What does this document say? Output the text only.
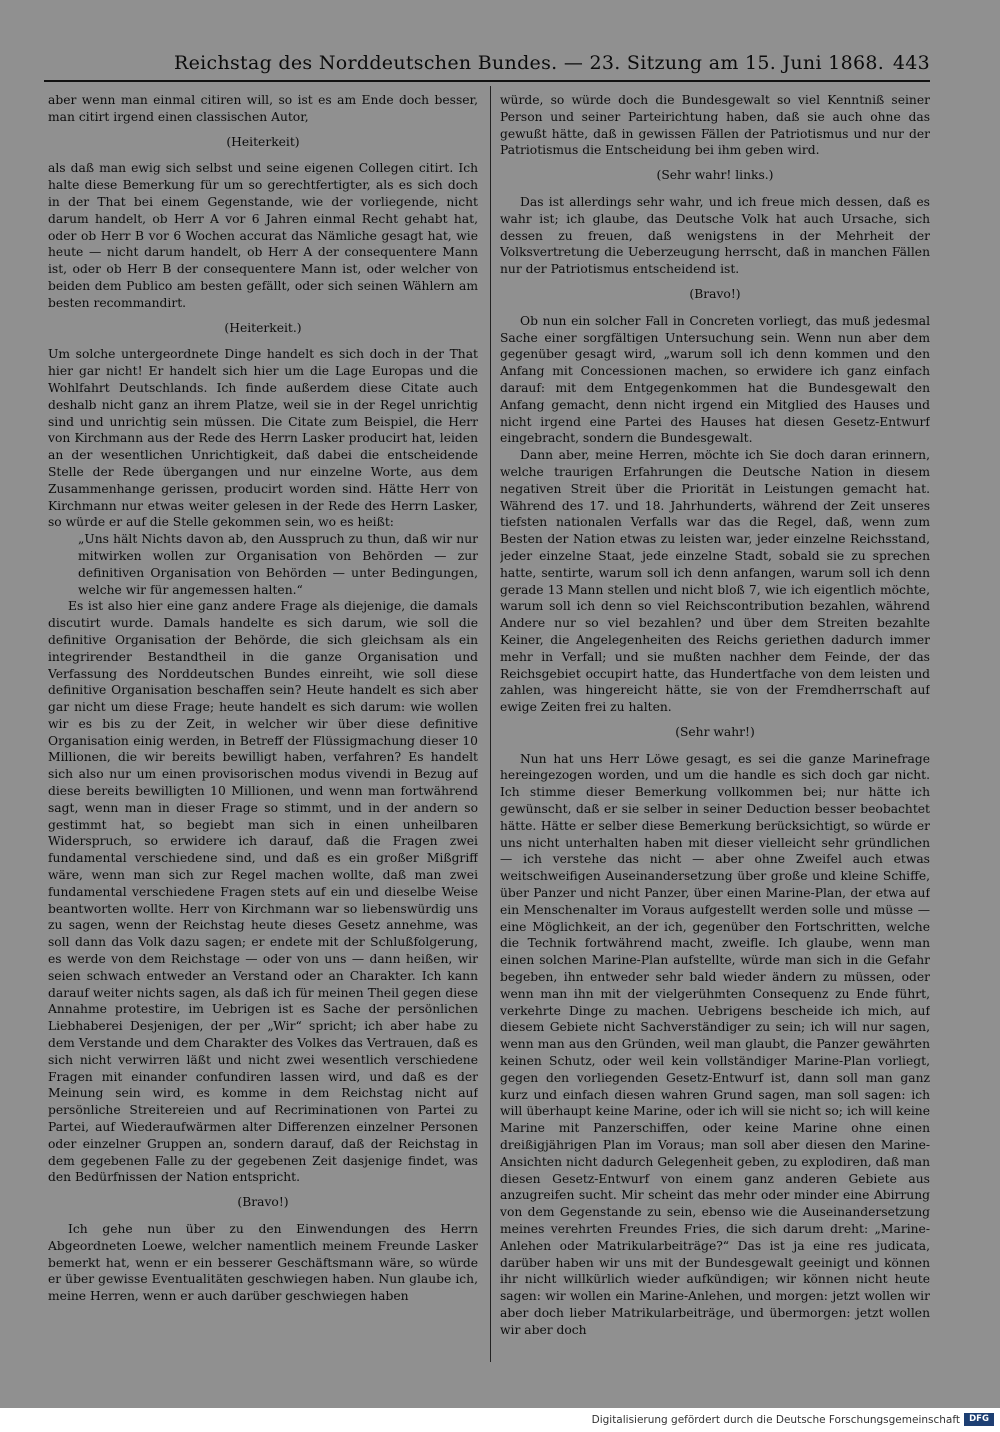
Reichstag des Norddeutschen Bundes. — 23. Sitzung am 15. Juni 1868. 443

aber wenn man einmal citiren will, so ist es am Ende doch besser, man citirt irgend einen classischen Autor,

(Heiterkeit)

als daß man ewig sich selbst und seine eigenen Collegen citirt. Ich halte diese Bemerkung für um so gerechtfertigter, als es sich doch in der That bei einem Gegenstande, wie der vorliegende, nicht darum handelt, ob Herr A vor 6 Jahren einmal Recht gehabt hat, oder ob Herr B vor 6 Wochen accurat das Nämliche gesagt hat, wie heute — nicht darum handelt, ob Herr A der consequentere Mann ist, oder ob Herr B der consequentere Mann ist, oder welcher von beiden dem Publico am besten gefällt, oder sich seinen Wählern am besten recommandirt.

(Heiterkeit.)

Um solche untergeordnete Dinge handelt es sich doch in der That hier gar nicht! Er handelt sich hier um die Lage Europas und die Wohlfahrt Deutschlands. Ich finde außerdem diese Citate auch deshalb nicht ganz an ihrem Platze, weil sie in der Regel unrichtig sind und unrichtig sein müssen. Die Citate zum Beispiel, die Herr von Kirchmann aus der Rede des Herrn Lasker producirt hat, leiden an der wesentlichen Unrichtigkeit, daß dabei die entscheidende Stelle der Rede übergangen und nur einzelne Worte, aus dem Zusammenhange gerissen, producirt worden sind. Hätte Herr von Kirchmann nur etwas weiter gelesen in der Rede des Herrn Lasker, so würde er auf die Stelle gekommen sein, wo es heißt:

„Uns hält Nichts davon ab, den Ausspruch zu thun, daß wir nur mitwirken wollen zur Organisation von Behörden — zur definitiven Organisation von Behörden — unter Bedingungen, welche wir für angemessen halten.“

Es ist also hier eine ganz andere Frage als diejenige, die damals discutirt wurde. Damals handelte es sich darum, wie soll die definitive Organisation der Behörde, die sich gleichsam als ein integrirender Bestandtheil in die ganze Organisation und Verfassung des Norddeutschen Bundes einreiht, wie soll diese definitive Organisation beschaffen sein? Heute handelt es sich aber gar nicht um diese Frage; heute handelt es sich darum: wie wollen wir es bis zu der Zeit, in welcher wir über diese definitive Organisation einig werden, in Betreff der Flüssigmachung dieser 10 Millionen, die wir bereits bewilligt haben, verfahren? Es handelt sich also nur um einen provisorischen modus vivendi in Bezug auf diese bereits bewilligten 10 Millionen, und wenn man fortwährend sagt, wenn man in dieser Frage so stimmt, und in der andern so gestimmt hat, so begiebt man sich in einen unheilbaren Widerspruch, so erwidere ich darauf, daß die Fragen zwei fundamental verschiedene sind, und daß es ein großer Mißgriff wäre, wenn man sich zur Regel machen wollte, daß man zwei fundamental verschiedene Fragen stets auf ein und dieselbe Weise beantworten wollte. Herr von Kirchmann war so liebenswürdig uns zu sagen, wenn der Reichstag heute dieses Gesetz annehme, was soll dann das Volk dazu sagen; er endete mit der Schlußfolgerung, es werde von dem Reichstage — oder von uns — dann heißen, wir seien schwach entweder an Verstand oder an Charakter. Ich kann darauf weiter nichts sagen, als daß ich für meinen Theil gegen diese Annahme protestire, im Uebrigen ist es Sache der persönlichen Liebhaberei Desjenigen, der per „Wir“ spricht; ich aber habe zu dem Verstande und dem Charakter des Volkes das Vertrauen, daß es sich nicht verwirren läßt und nicht zwei wesentlich verschiedene Fragen mit einander confundiren lassen wird, und daß es der Meinung sein wird, es komme in dem Reichstag nicht auf persönliche Streitereien und auf Recriminationen von Partei zu Partei, auf Wiederaufwärmen alter Differenzen einzelner Personen oder einzelner Gruppen an, sondern darauf, daß der Reichstag in dem gegebenen Falle zu der gegebenen Zeit dasjenige findet, was den Bedürfnissen der Nation entspricht.

(Bravo!)

Ich gehe nun über zu den Einwendungen des Herrn Abgeordneten Loewe, welcher namentlich meinem Freunde Lasker bemerkt hat, wenn er ein besserer Geschäftsmann wäre, so würde er über gewisse Eventualitäten geschwiegen haben. Nun glaube ich, meine Herren, wenn er auch darüber geschwiegen haben

würde, so würde doch die Bundesgewalt so viel Kenntniß seiner Person und seiner Parteirichtung haben, daß sie auch ohne das gewußt hätte, daß in gewissen Fällen der Patriotismus und nur der Patriotismus die Entscheidung bei ihm geben wird.

(Sehr wahr! links.)

Das ist allerdings sehr wahr, und ich freue mich dessen, daß es wahr ist; ich glaube, das Deutsche Volk hat auch Ursache, sich dessen zu freuen, daß wenigstens in der Mehrheit der Volksvertretung die Ueberzeugung herrscht, daß in manchen Fällen nur der Patriotismus entscheidend ist.

(Bravo!)

Ob nun ein solcher Fall in Concreten vorliegt, das muß jedesmal Sache einer sorgfältigen Untersuchung sein. Wenn nun aber dem gegenüber gesagt wird, „warum soll ich denn kommen und den Anfang mit Concessionen machen, so erwidere ich ganz einfach darauf: mit dem Entgegenkommen hat die Bundesgewalt den Anfang gemacht, denn nicht irgend ein Mitglied des Hauses und nicht irgend eine Partei des Hauses hat diesen Gesetz-Entwurf eingebracht, sondern die Bundesgewalt.

Dann aber, meine Herren, möchte ich Sie doch daran erinnern, welche traurigen Erfahrungen die Deutsche Nation in diesem negativen Streit über die Priorität in Leistungen gemacht hat. Während des 17. und 18. Jahrhunderts, während der Zeit unseres tiefsten nationalen Verfalls war das die Regel, daß, wenn zum Besten der Nation etwas zu leisten war, jeder einzelne Reichsstand, jeder einzelne Staat, jede einzelne Stadt, sobald sie zu sprechen hatte, sentirte, warum soll ich denn anfangen, warum soll ich denn gerade 13 Mann stellen und nicht bloß 7, wie ich eigentlich möchte, warum soll ich denn so viel Reichscontribution bezahlen, während Andere nur so viel bezahlen? und über dem Streiten bezahlte Keiner, die Angelegenheiten des Reichs geriethen dadurch immer mehr in Verfall; und sie mußten nachher dem Feinde, der das Reichsgebiet occupirt hatte, das Hundertfache von dem leisten und zahlen, was hingereicht hätte, sie von der Fremdherrschaft auf ewige Zeiten frei zu halten.

(Sehr wahr!)

Nun hat uns Herr Löwe gesagt, es sei die ganze Marinefrage hereingezogen worden, und um die handle es sich doch gar nicht. Ich stimme dieser Bemerkung vollkommen bei; nur hätte ich gewünscht, daß er sie selber in seiner Deduction besser beobachtet hätte. Hätte er selber diese Bemerkung berücksichtigt, so würde er uns nicht unterhalten haben mit dieser vielleicht sehr gründlichen — ich verstehe das nicht — aber ohne Zweifel auch etwas weitschweifigen Auseinandersetzung über große und kleine Schiffe, über Panzer und nicht Panzer, über einen Marine-Plan, der etwa auf ein Menschenalter im Voraus aufgestellt werden solle und müsse — eine Möglichkeit, an der ich, gegenüber den Fortschritten, welche die Technik fortwährend macht, zweifle. Ich glaube, wenn man einen solchen Marine-Plan aufstellte, würde man sich in die Gefahr begeben, ihn entweder sehr bald wieder ändern zu müssen, oder wenn man ihn mit der vielgerühmten Consequenz zu Ende führt, verkehrte Dinge zu machen. Uebrigens bescheide ich mich, auf diesem Gebiete nicht Sachverständiger zu sein; ich will nur sagen, wenn man aus den Gründen, weil man glaubt, die Panzer gewährten keinen Schutz, oder weil kein vollständiger Marine-Plan vorliegt, gegen den vorliegenden Gesetz-Entwurf ist, dann soll man ganz kurz und einfach diesen wahren Grund sagen, man soll sagen: ich will überhaupt keine Marine, oder ich will sie nicht so; ich will keine Marine mit Panzerschiffen, oder keine Marine ohne einen dreißigjährigen Plan im Voraus; man soll aber diesen den Marine-Ansichten nicht dadurch Gelegenheit geben, zu explodiren, daß man diesen Gesetz-Entwurf von einem ganz anderen Gebiete aus anzugreifen sucht. Mir scheint das mehr oder minder eine Abirrung von dem Gegenstande zu sein, ebenso wie die Auseinandersetzung meines verehrten Freundes Fries, die sich darum dreht: „Marine-Anlehen oder Matrikularbeiträge?“ Das ist ja eine res judicata, darüber haben wir uns mit der Bundesgewalt geeinigt und können ihr nicht willkürlich wieder aufkündigen; wir können nicht heute sagen: wir wollen ein Marine-Anlehen, und morgen: jetzt wollen wir aber doch lieber Matrikularbeiträge, und übermorgen: jetzt wollen wir aber doch

Digitalisierung gefördert durch die Deutsche Forschungsgemeinschaft	DFG
